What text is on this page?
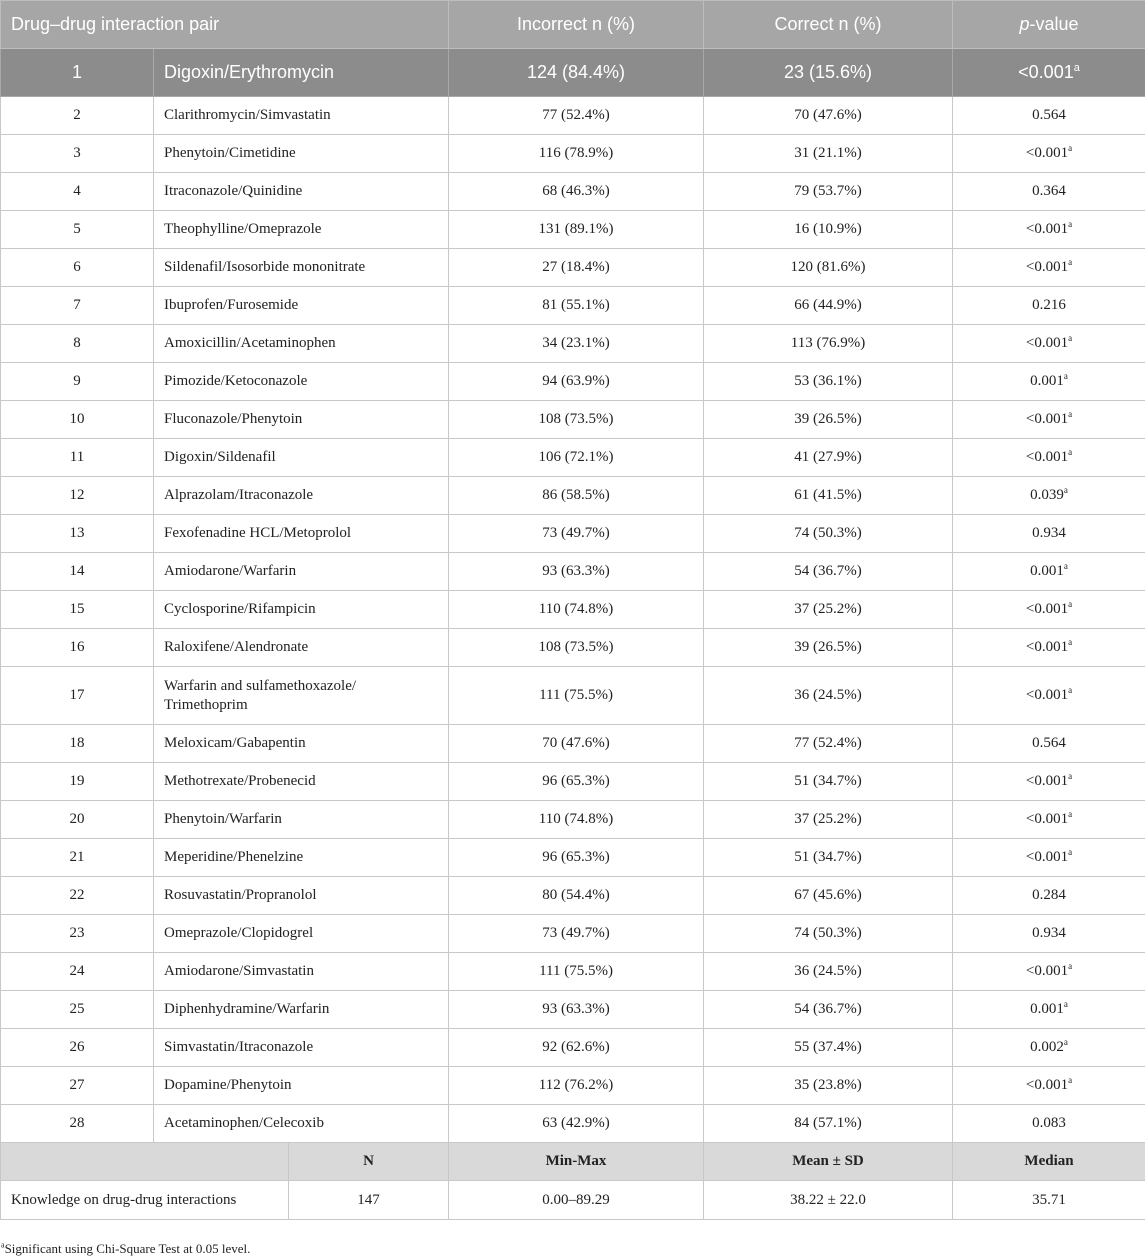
Drug–drug interaction pair			Incorrect n (%)	Correct n (%)	p-value
1	Digoxin/Erythromycin		124 (84.4%)	23 (15.6%)	<0.001$^a$
2	Clarithromycin/Simvastatin		77 (52.4%)	70 (47.6%)	0.564
3	Phenytoin/Cimetidine		116 (78.9%)	31 (21.1%)	<0.001$^a$
4	Itraconazole/Quinidine		68 (46.3%)	79 (53.7%)	0.364
5	Theophylline/Omeprazole		131 (89.1%)	16 (10.9%)	<0.001$^a$
6	Sildenafil/Isosorbide mononitrate		27 (18.4%)	120 (81.6%)	<0.001$^a$
7	Ibuprofen/Furosemide		81 (55.1%)	66 (44.9%)	0.216
8	Amoxicillin/Acetaminophen		34 (23.1%)	113 (76.9%)	<0.001$^a$
9	Pimozide/Ketoconazole		94 (63.9%)	53 (36.1%)	0.001$^a$
10	Fluconazole/Phenytoin		108 (73.5%)	39 (26.5%)	<0.001$^a$
11	Digoxin/Sildenafil		106 (72.1%)	41 (27.9%)	<0.001$^a$
12	Alprazolam/Itraconazole		86 (58.5%)	61 (41.5%)	0.039$^a$
13	Fexofenadine HCL/Metoprolol		73 (49.7%)	74 (50.3%)	0.934
14	Amiodarone/Warfarin		93 (63.3%)	54 (36.7%)	0.001$^a$
15	Cyclosporine/Rifampicin		110 (74.8%)	37 (25.2%)	<0.001$^a$
16	Raloxifene/Alendronate		108 (73.5%)	39 (26.5%)	<0.001$^a$
17	Warfarin and sulfamethoxazole/
Trimethoprim		111 (75.5%)	36 (24.5%)	<0.001$^a$
18	Meloxicam/Gabapentin		70 (47.6%)	77 (52.4%)	0.564
19	Methotrexate/Probenecid		96 (65.3%)	51 (34.7%)	<0.001$^a$
20	Phenytoin/Warfarin		110 (74.8%)	37 (25.2%)	<0.001$^a$
21	Meperidine/Phenelzine		96 (65.3%)	51 (34.7%)	<0.001$^a$
22	Rosuvastatin/Propranolol		80 (54.4%)	67 (45.6%)	0.284
23	Omeprazole/Clopidogrel		73 (49.7%)	74 (50.3%)	0.934
24	Amiodarone/Simvastatin		111 (75.5%)	36 (24.5%)	<0.001$^a$
25	Diphenhydramine/Warfarin		93 (63.3%)	54 (36.7%)	0.001$^a$
26	Simvastatin/Itraconazole		92 (62.6%)	55 (37.4%)	0.002$^a$
27	Dopamine/Phenytoin		112 (76.2%)	35 (23.8%)	<0.001$^a$
28	Acetaminophen/Celecoxib		63 (42.9%)	84 (57.1%)	0.083
		N	Min-Max	Mean ± SD	Median
Knowledge on drug-drug interactions		147	0.00–89.29	38.22 ± 22.0	35.71
$^a$Significant using Chi-Square Test at 0.05 level.
